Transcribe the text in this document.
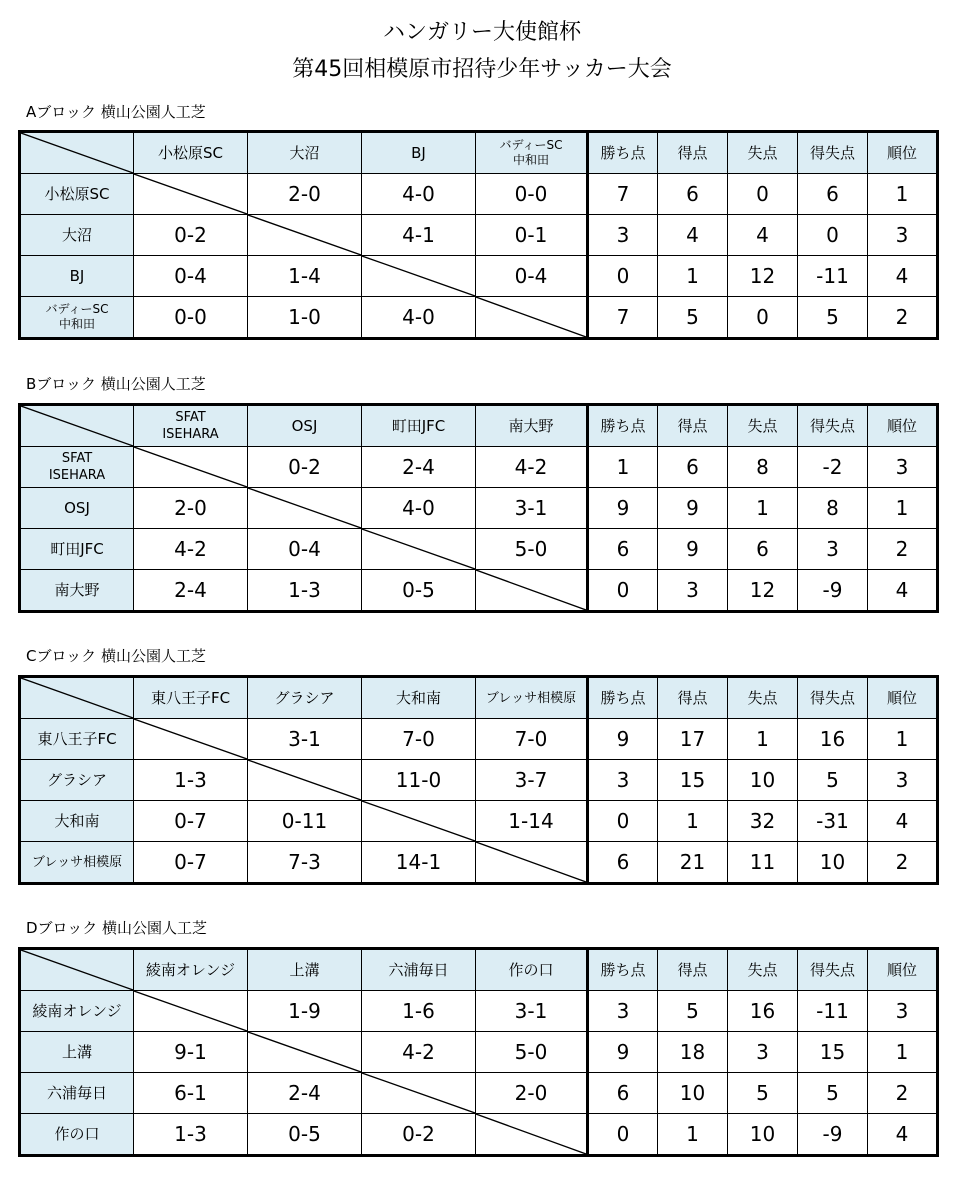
ハンガリー大使館杯
第45回相模原市招待少年サッカー大会
Aブロック 横山公園人工芝
	小松原SC	大沼	BJ	バディーSC
中和田	勝ち点	得点	失点	得失点	順位
小松原SC		2-0	4-0	0-0	7	6	0	6	1
大沼	0-2		4-1	0-1	3	4	4	0	3
BJ	0-4	1-4		0-4	0	1	12	-11	4
バディーSC
中和田	0-0	1-0	4-0		7	5	0	5	2
Bブロック 横山公園人工芝
	SFAT
ISEHARA	OSJ	町田JFC	南大野	勝ち点	得点	失点	得失点	順位
SFAT
ISEHARA		0-2	2-4	4-2	1	6	8	-2	3
OSJ	2-0		4-0	3-1	9	9	1	8	1
町田JFC	4-2	0-4		5-0	6	9	6	3	2
南大野	2-4	1-3	0-5		0	3	12	-9	4
Cブロック 横山公園人工芝
	東八王子FC	グラシア	大和南	ブレッサ相模原	勝ち点	得点	失点	得失点	順位
東八王子FC		3-1	7-0	7-0	9	17	1	16	1
グラシア	1-3		11-0	3-7	3	15	10	5	3
大和南	0-7	0-11		1-14	0	1	32	-31	4
ブレッサ相模原	0-7	7-3	14-1		6	21	11	10	2
Dブロック 横山公園人工芝
	綾南オレンジ	上溝	六浦毎日	作の口	勝ち点	得点	失点	得失点	順位
綾南オレンジ		1-9	1-6	3-1	3	5	16	-11	3
上溝	9-1		4-2	5-0	9	18	3	15	1
六浦毎日	6-1	2-4		2-0	6	10	5	5	2
作の口	1-3	0-5	0-2		0	1	10	-9	4
